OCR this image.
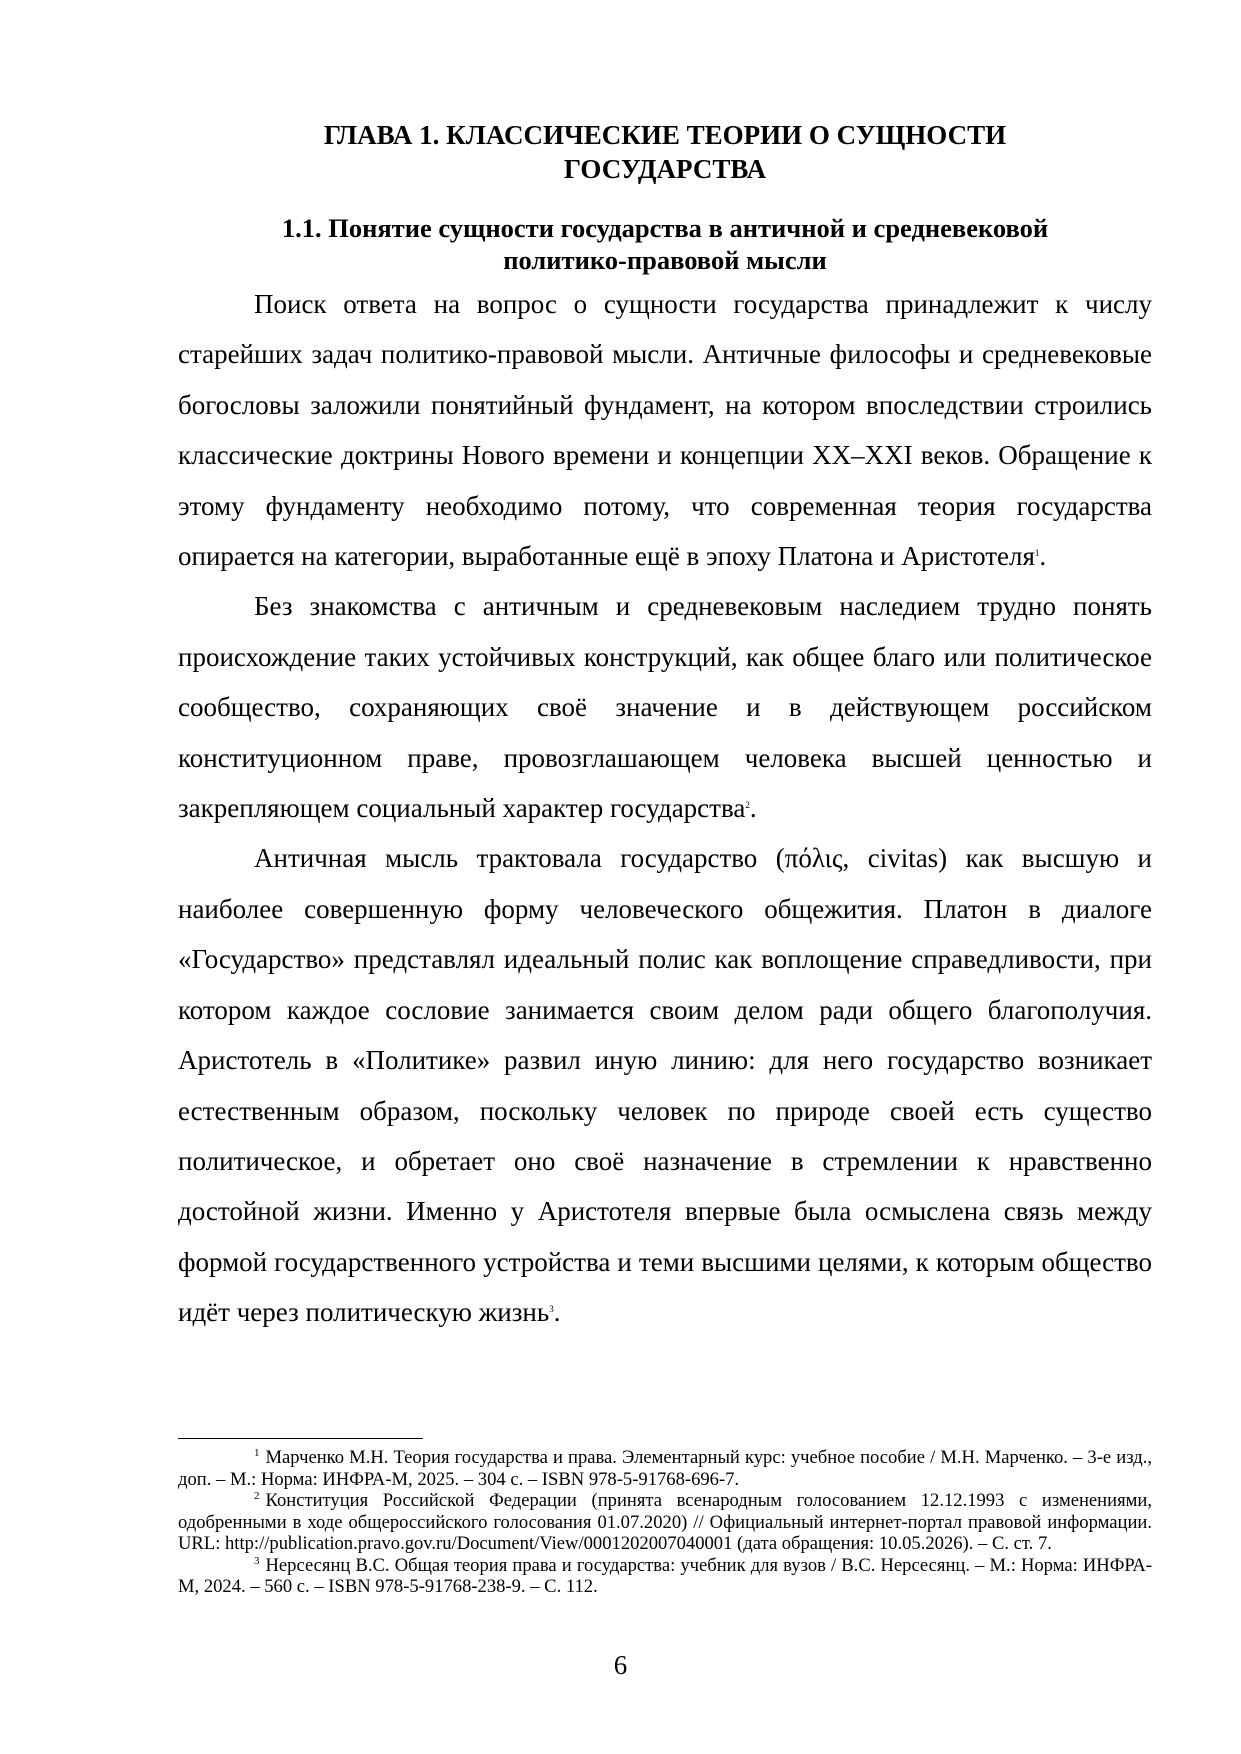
ГЛАВА 1. КЛАССИЧЕСКИЕ ТЕОРИИ О СУЩНОСТИ
ГОСУДАРСТВА
1.1. Понятие сущности государства в античной и средневековой
политико-правовой мысли

Поиск ответа на вопрос о сущности государства принадлежит к числу старейших задач политико-правовой мысли. Античные философы и средневековые богословы заложили понятийный фундамент, на котором впоследствии строились классические доктрины Нового времени и концепции XX–XXI веков. Обращение к этому фундаменту необходимо потому, что современная теория государства опирается на категории, выработанные ещё в эпоху Платона и Аристотеля$^1$.

Без знакомства с античным и средневековым наследием трудно понять происхождение таких устойчивых конструкций, как общее благо или политическое сообщество, сохраняющих своё значение и в действующем российском конституционном праве, провозглашающем человека высшей ценностью и закрепляющем социальный характер государства$^2$.

Античная мысль трактовала государство (πόλις, civitas) как высшую и наиболее совершенную форму человеческого общежития. Платон в диалоге «Государство» представлял идеальный полис как воплощение справедливости, при котором каждое сословие занимается своим делом ради общего благополучия. Аристотель в «Политике» развил иную линию: для него государство возникает естественным образом, поскольку человек по природе своей есть существо политическое, и обретает оно своё назначение в стремлении к нравственно достойной жизни. Именно у Аристотеля впервые была осмыслена связь между формой государственного устройства и теми высшими целями, к которым общество идёт через политическую жизнь$^3$.

$^1$ Марченко М.Н. Теория государства и права. Элементарный курс: учебное пособие / М.Н. Марченко. – 3-е изд., доп. – М.: Норма: ИНФРА-М, 2025. – 304 с. – ISBN 978-5-91768-696-7.

$^2$ Конституция Российской Федерации (принята всенародным голосованием 12.12.1993 с изменениями, одобренными в ходе общероссийского голосования 01.07.2020) // Официальный интернет-портал правовой информации. URL: http://publication.pravo.gov.ru/Document/View/0001202007040001 (дата обращения: 10.05.2026). – С. ст. 7.

$^3$ Нерсесянц В.С. Общая теория права и государства: учебник для вузов / В.С. Нерсесянц. – М.: Норма: ИНФРА-М, 2024. – 560 с. – ISBN 978-5-91768-238-9. – С. 112.

6
